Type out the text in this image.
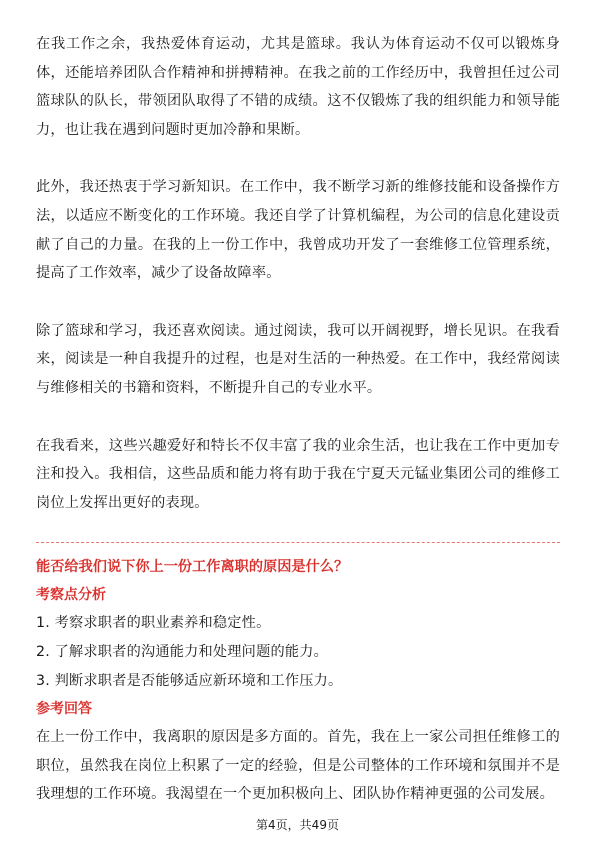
在我工作之余，我热爱体育运动，尤其是篮球。我认为体育运动不仅可以锻炼身体，还能培养团队合作精神和拼搏精神。在我之前的工作经历中，我曾担任过公司篮球队的队长，带领团队取得了不错的成绩。这不仅锻炼了我的组织能力和领导能力，也让我在遇到问题时更加冷静和果断。

此外，我还热衷于学习新知识。在工作中，我不断学习新的维修技能和设备操作方法，以适应不断变化的工作环境。我还自学了计算机编程，为公司的信息化建设贡献了自己的力量。在我的上一份工作中，我曾成功开发了一套维修工位管理系统，提高了工作效率，减少了设备故障率。

除了篮球和学习，我还喜欢阅读。通过阅读，我可以开阔视野，增长见识。在我看来，阅读是一种自我提升的过程，也是对生活的一种热爱。在工作中，我经常阅读与维修相关的书籍和资料，不断提升自己的专业水平。

在我看来，这些兴趣爱好和特长不仅丰富了我的业余生活，也让我在工作中更加专注和投入。我相信，这些品质和能力将有助于我在宁夏天元锰业集团公司的维修工岗位上发挥出更好的表现。

能否给我们说下你上一份工作离职的原因是什么？
考察点分析
1. 考察求职者的职业素养和稳定性。
2. 了解求职者的沟通能力和处理问题的能力。
3. 判断求职者是否能够适应新环境和工作压力。
参考回答

在上一份工作中，我离职的原因是多方面的。首先，我在上一家公司担任维修工的职位，虽然我在岗位上积累了一定的经验，但是公司整体的工作环境和氛围并不是我理想的工作环境。我渴望在一个更加积极向上、团队协作精神更强的公司发展。

第4页，共49页
